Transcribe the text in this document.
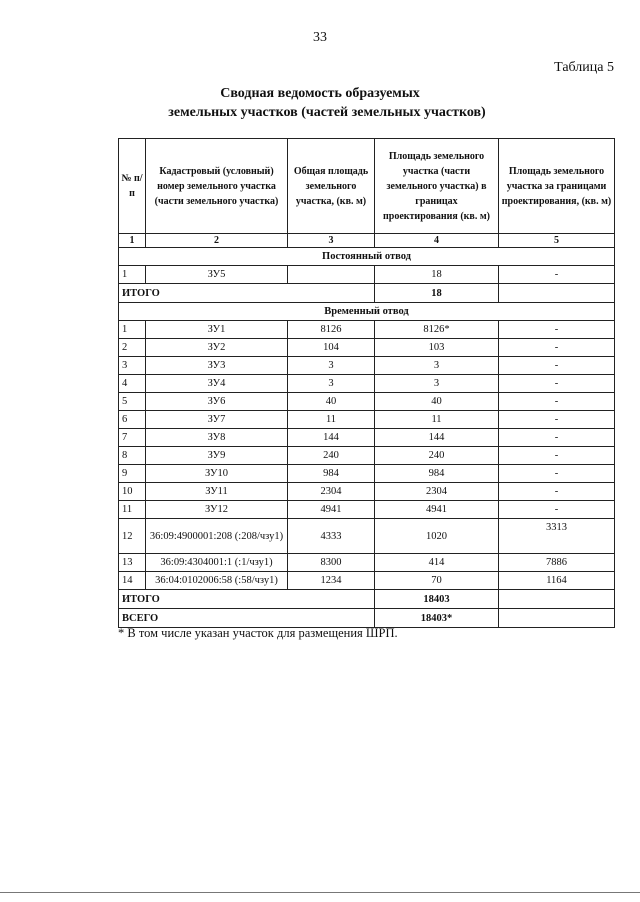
33
Таблица 5
Сводная ведомость образуемых
земельных участков (частей земельных участков)
№ п/п	Кадастровый (условный) номер земельного участка (части земельного участка)	Общая площадь земельного участка, (кв. м)	Площадь земельного участка (части земельного участка) в границах проектирования (кв. м)	Площадь земельного участка за границами проектирования, (кв. м)
1	2	3	4	5
Постоянный отвод				
1	ЗУ5		18	-
ИТОГО			18	
Временный отвод				
1	ЗУ1	8126	8126*	-
2	ЗУ2	104	103	-
3	ЗУ3	3	3	-
4	ЗУ4	3	3	-
5	ЗУ6	40	40	-
6	ЗУ7	11	11	-
7	ЗУ8	144	144	-
8	ЗУ9	240	240	-
9	ЗУ10	984	984	-
10	ЗУ11	2304	2304	-
11	ЗУ12	4941	4941	-
12	36:09:4900001:208 (:208/чзу1)	4333	1020	3313
13	36:09:4304001:1 (:1/чзу1)	8300	414	7886
14	36:04:0102006:58 (:58/чзу1)	1234	70	1164
ИТОГО			18403	
ВСЕГО			18403*	
* В том числе указан участок для размещения ШРП.
